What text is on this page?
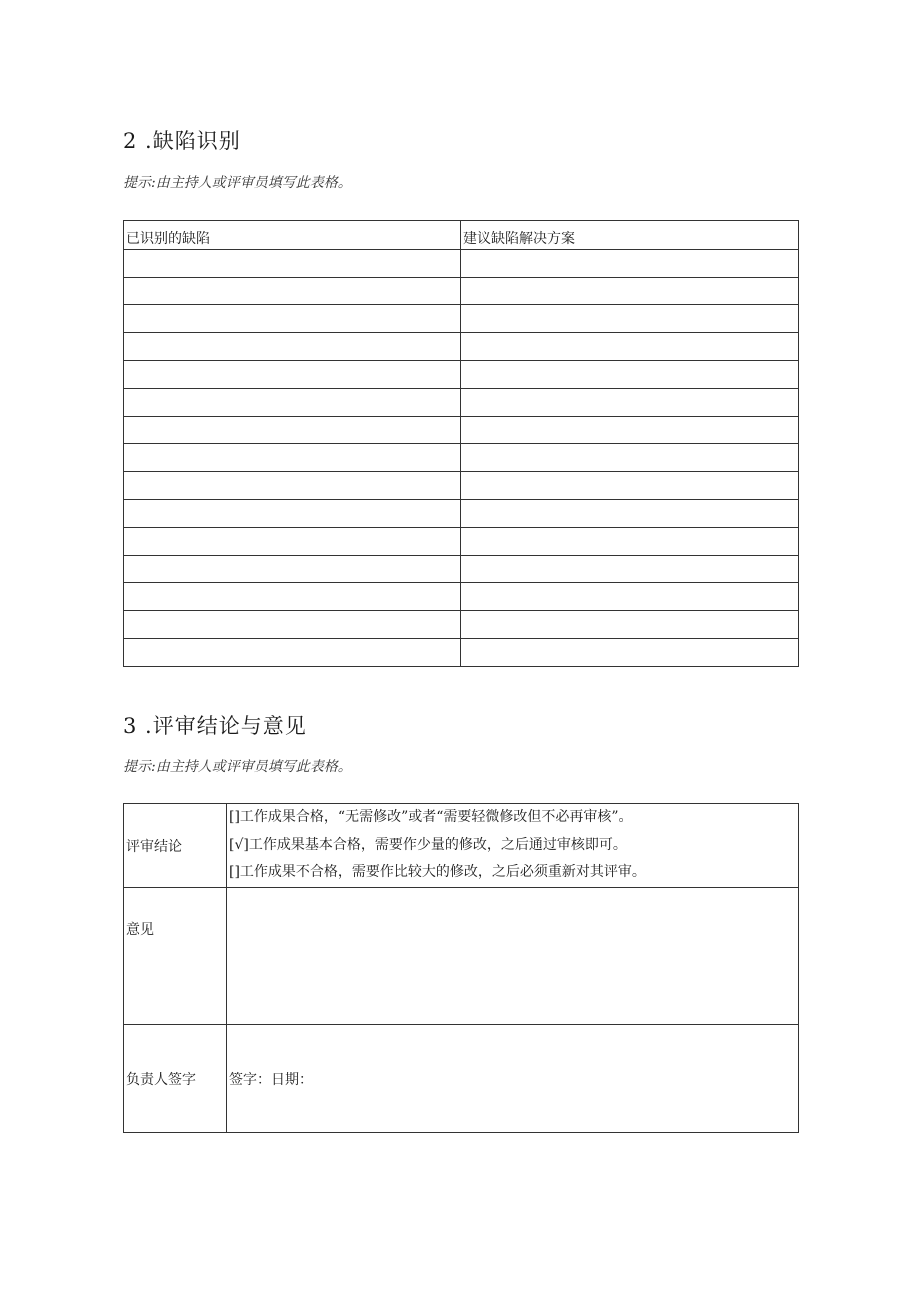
2 .缺陷识别
提示:由主持人或评审员填写此表格。
已识别的缺陷	建议缺陷解决方案

3 .评审结论与意见
提示:由主持人或评审员填写此表格。
评审结论	[]工作成果合格，“无需修改”或者“需要轻微修改但不必再审核”。
[√]工作成果基本合格，需要作少量的修改，之后通过审核即可。
[]工作成果不合格，需要作比较大的修改，之后必须重新对其评审。

意见	
负责人签字	签字：日期：
